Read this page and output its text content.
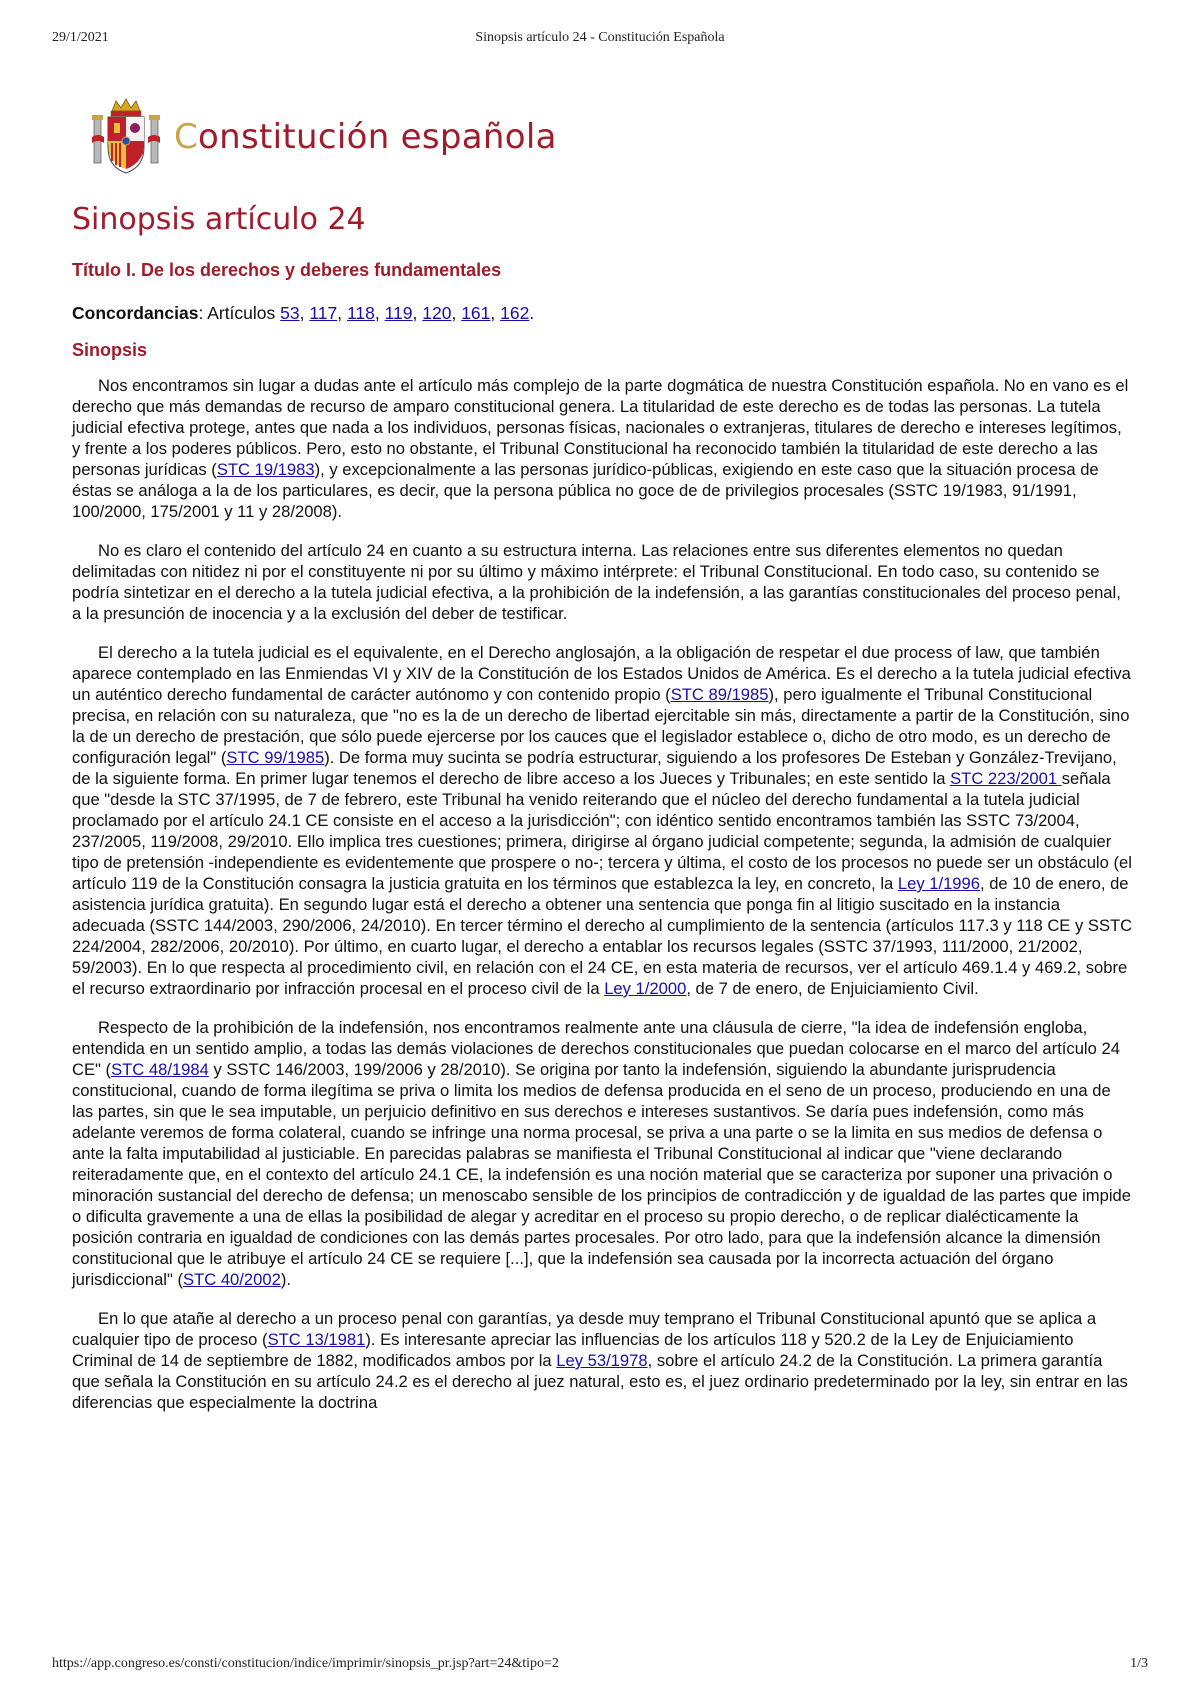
29/1/2021	Sinopsis artículo 24 - Constitución Española
Constitución española
Sinopsis artículo 24
Título I. De los derechos y deberes fundamentales
Concordancias: Artículos 53, 117, 118, 119, 120, 161, 162.
Sinopsis

Nos encontramos sin lugar a dudas ante el artículo más complejo de la parte dogmática de nuestra Constitución española. No en vano es el derecho que más demandas de recurso de amparo constitucional genera. La titularidad de este derecho es de todas las personas. La tutela judicial efectiva protege, antes que nada a los individuos, personas físicas, nacionales o extranjeras, titulares de derecho e intereses legítimos, y frente a los poderes públicos. Pero, esto no obstante, el Tribunal Constitucional ha reconocido también la titularidad de este derecho a las personas jurídicas (STC 19/1983), y excepcionalmente a las personas jurídico-públicas, exigiendo en este caso que la situación procesa de éstas se análoga a la de los particulares, es decir, que la persona pública no goce de de privilegios procesales (SSTC 19/1983, 91/1991, 100/2000, 175/2001 y 11 y 28/2008).

No es claro el contenido del artículo 24 en cuanto a su estructura interna. Las relaciones entre sus diferentes elementos no quedan delimitadas con nitidez ni por el constituyente ni por su último y máximo intérprete: el Tribunal Constitucional. En todo caso, su contenido se podría sintetizar en el derecho a la tutela judicial efectiva, a la prohibición de la indefensión, a las garantías constitucionales del proceso penal, a la presunción de inocencia y a la exclusión del deber de testificar.

El derecho a la tutela judicial es el equivalente, en el Derecho anglosajón, a la obligación de respetar el due process of law, que también aparece contemplado en las Enmiendas VI y XIV de la Constitución de los Estados Unidos de América. Es el derecho a la tutela judicial efectiva un auténtico derecho fundamental de carácter autónomo y con contenido propio (STC 89/1985), pero igualmente el Tribunal Constitucional precisa, en relación con su naturaleza, que "no es la de un derecho de libertad ejercitable sin más, directamente a partir de la Constitución, sino la de un derecho de prestación, que sólo puede ejercerse por los cauces que el legislador establece o, dicho de otro modo, es un derecho de configuración legal" (STC 99/1985). De forma muy sucinta se podría estructurar, siguiendo a los profesores De Esteban y González-Trevijano, de la siguiente forma. En primer lugar tenemos el derecho de libre acceso a los Jueces y Tribunales; en este sentido la STC 223/2001 señala que "desde la STC 37/1995, de 7 de febrero, este Tribunal ha venido reiterando que el núcleo del derecho fundamental a la tutela judicial proclamado por el artículo 24.1 CE consiste en el acceso a la jurisdicción"; con idéntico sentido encontramos también las SSTC 73/2004, 237/2005, 119/2008, 29/2010. Ello implica tres cuestiones; primera, dirigirse al órgano judicial competente; segunda, la admisión de cualquier tipo de pretensión -independiente es evidentemente que prospere o no-; tercera y última, el costo de los procesos no puede ser un obstáculo (el artículo 119 de la Constitución consagra la justicia gratuita en los términos que establezca la ley, en concreto, la Ley 1/1996, de 10 de enero, de asistencia jurídica gratuita). En segundo lugar está el derecho a obtener una sentencia que ponga fin al litigio suscitado en la instancia adecuada (SSTC 144/2003, 290/2006, 24/2010). En tercer término el derecho al cumplimiento de la sentencia (artículos 117.3 y 118 CE y SSTC 224/2004, 282/2006, 20/2010). Por último, en cuarto lugar, el derecho a entablar los recursos legales (SSTC 37/1993, 111/2000, 21/2002, 59/2003). En lo que respecta al procedimiento civil, en relación con el 24 CE, en esta materia de recursos, ver el artículo 469.1.4 y 469.2, sobre el recurso extraordinario por infracción procesal en el proceso civil de la Ley 1/2000, de 7 de enero, de Enjuiciamiento Civil.

Respecto de la prohibición de la indefensión, nos encontramos realmente ante una cláusula de cierre, "la idea de indefensión engloba, entendida en un sentido amplio, a todas las demás violaciones de derechos constitucionales que puedan colocarse en el marco del artículo 24 CE" (STC 48/1984 y SSTC 146/2003, 199/2006 y 28/2010). Se origina por tanto la indefensión, siguiendo la abundante jurisprudencia constitucional, cuando de forma ilegítima se priva o limita los medios de defensa producida en el seno de un proceso, produciendo en una de las partes, sin que le sea imputable, un perjuicio definitivo en sus derechos e intereses sustantivos. Se daría pues indefensión, como más adelante veremos de forma colateral, cuando se infringe una norma procesal, se priva a una parte o se la limita en sus medios de defensa o ante la falta imputabilidad al justiciable. En parecidas palabras se manifiesta el Tribunal Constitucional al indicar que "viene declarando reiteradamente que, en el contexto del artículo 24.1 CE, la indefensión es una noción material que se caracteriza por suponer una privación o minoración sustancial del derecho de defensa; un menoscabo sensible de los principios de contradicción y de igualdad de las partes que impide o dificulta gravemente a una de ellas la posibilidad de alegar y acreditar en el proceso su propio derecho, o de replicar dialécticamente la posición contraria en igualdad de condiciones con las demás partes procesales. Por otro lado, para que la indefensión alcance la dimensión constitucional que le atribuye el artículo 24 CE se requiere [...], que la indefensión sea causada por la incorrecta actuación del órgano jurisdiccional" (STC 40/2002).

En lo que atañe al derecho a un proceso penal con garantías, ya desde muy temprano el Tribunal Constitucional apuntó que se aplica a cualquier tipo de proceso (STC 13/1981). Es interesante apreciar las influencias de los artículos 118 y 520.2 de la Ley de Enjuiciamiento Criminal de 14 de septiembre de 1882, modificados ambos por la Ley 53/1978, sobre el artículo 24.2 de la Constitución. La primera garantía que señala la Constitución en su artículo 24.2 es el derecho al juez natural, esto es, el juez ordinario predeterminado por la ley, sin entrar en las diferencias que especialmente la doctrina

https://app.congreso.es/consti/constitucion/indice/imprimir/sinopsis_pr.jsp?art=24&tipo=2	1/3
